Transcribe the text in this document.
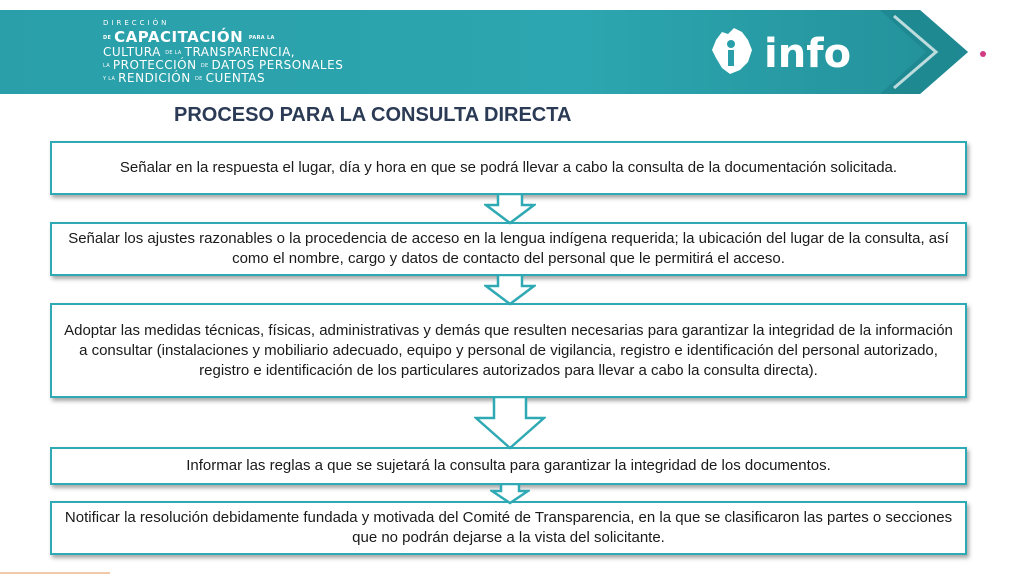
DIRECCIÓN
DE CAPACITACIÓN PARA LA
CULTURA DE LA TRANSPARENCIA,
LA PROTECCIÓN DE DATOS PERSONALES
Y LA RENDICIÓN DE CUENTAS
info
PROCESO PARA LA CONSULTA DIRECTA
Señalar en la respuesta el lugar, día y hora en que se podrá llevar a cabo la consulta de la documentación solicitada.
Señalar los ajustes razonables o la procedencia de acceso en la lengua indígena requerida; la ubicación del lugar de la consulta, así como el nombre, cargo y datos de contacto del personal que le permitirá el acceso.
Adoptar las medidas técnicas, físicas, administrativas y demás que resulten necesarias para garantizar la integridad de la información a consultar (instalaciones y mobiliario adecuado, equipo y personal de vigilancia, registro e identificación del personal autorizado, registro e identificación de los particulares autorizados para llevar a cabo la consulta directa).
Informar las reglas a que se sujetará la consulta para garantizar la integridad de los documentos.
Notificar la resolución debidamente fundada y motivada del Comité de Transparencia, en la que se clasificaron las partes o secciones que no podrán dejarse a la vista del solicitante.
